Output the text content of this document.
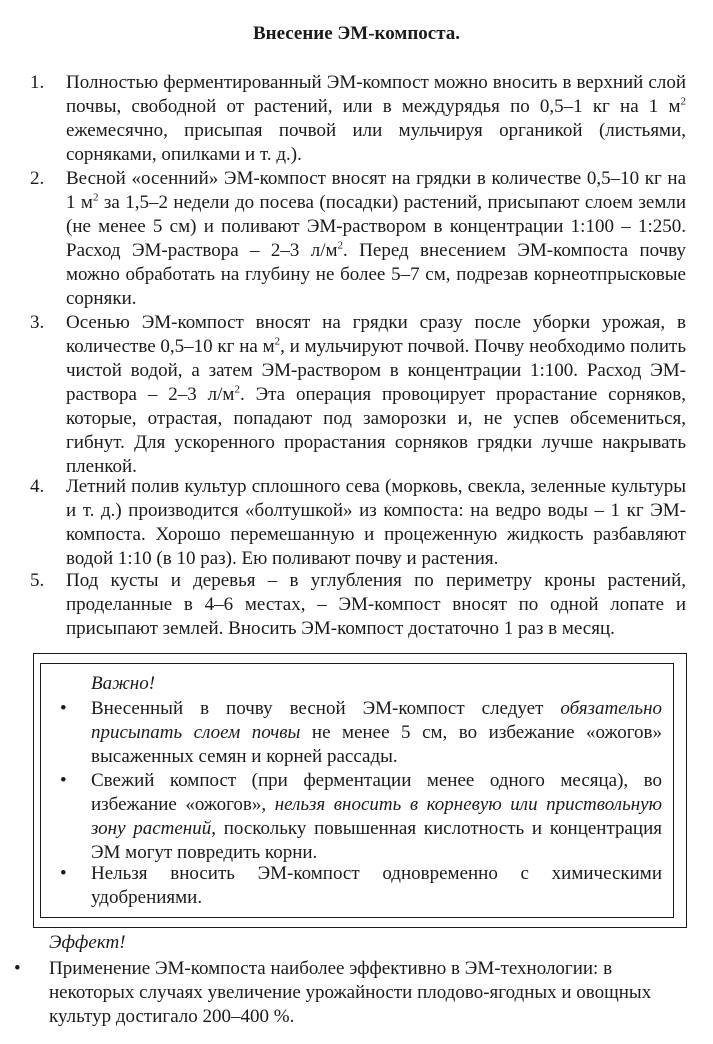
Внесение ЭМ-компоста.
1. Полностью ферментированный ЭМ-компост можно вносить в верхний слой почвы, свободной от растений, или в междурядья по 0,5–1 кг на 1 $м^2$ ежемесячно, присыпая почвой или мульчируя органикой (листьями, сорняками, опилками и т. д.).
2. Весной «осенний» ЭМ-компост вносят на грядки в количестве 0,5–10 кг на 1 $м^2$ за 1,5–2 недели до посева (посадки) растений, присыпают слоем земли (не менее 5 см) и поливают ЭМ-раствором в концентрации 1:100 – 1:250. Расход ЭМ-раствора – 2–3 $л/м^2$. Перед внесением ЭМ-компоста почву можно обработать на глубину не более 5–7 см, подрезав корнеотпрысковые сорняки.
3. Осенью ЭМ-компост вносят на грядки сразу после уборки урожая, в количестве 0,5–10 кг на $м^2$, и мульчируют почвой. Почву необходимо полить чистой водой, а затем ЭМ-раствором в концентрации 1:100. Расход ЭМ-раствора – 2–3 $л/м^2$. Эта операция провоцирует прорастание сорняков, которые, отрастая, попадают под заморозки и, не успев обсемениться, гибнут. Для ускоренного прорастания сорняков грядки лучше накрывать пленкой.
4. Летний полив культур сплошного сева (морковь, свекла, зеленные культуры и т. д.) производится «болтушкой» из компоста: на ведро воды – 1 кг ЭМ-компоста. Хорошо перемешанную и процеженную жидкость разбавляют водой 1:10 (в 10 раз). Ею поливают почву и растения.
5. Под кусты и деревья – в углубления по периметру кроны растений, проделанные в 4–6 местах, – ЭМ-компост вносят по одной лопате и присыпают землей. Вносить ЭМ-компост достаточно 1 раз в месяц.
Важно!
• Внесенный в почву весной ЭМ-компост следует обязательно присыпать слоем почвы не менее 5 см, во избежание «ожогов» высаженных семян и корней рассады.
• Свежий компост (при ферментации менее одного месяца), во избежание «ожогов», нельзя вносить в корневую или приствольную зону растений, поскольку повышенная кислотность и концентрация ЭМ могут повредить корни.
• Нельзя вносить ЭМ-компост одновременно с химическими удобрениями.
Эффект!
• Применение ЭМ-компоста наиболее эффективно в ЭМ-технологии: в некоторых случаях увеличение урожайности плодово-ягодных и овощных культур достигало 200–400 %.
